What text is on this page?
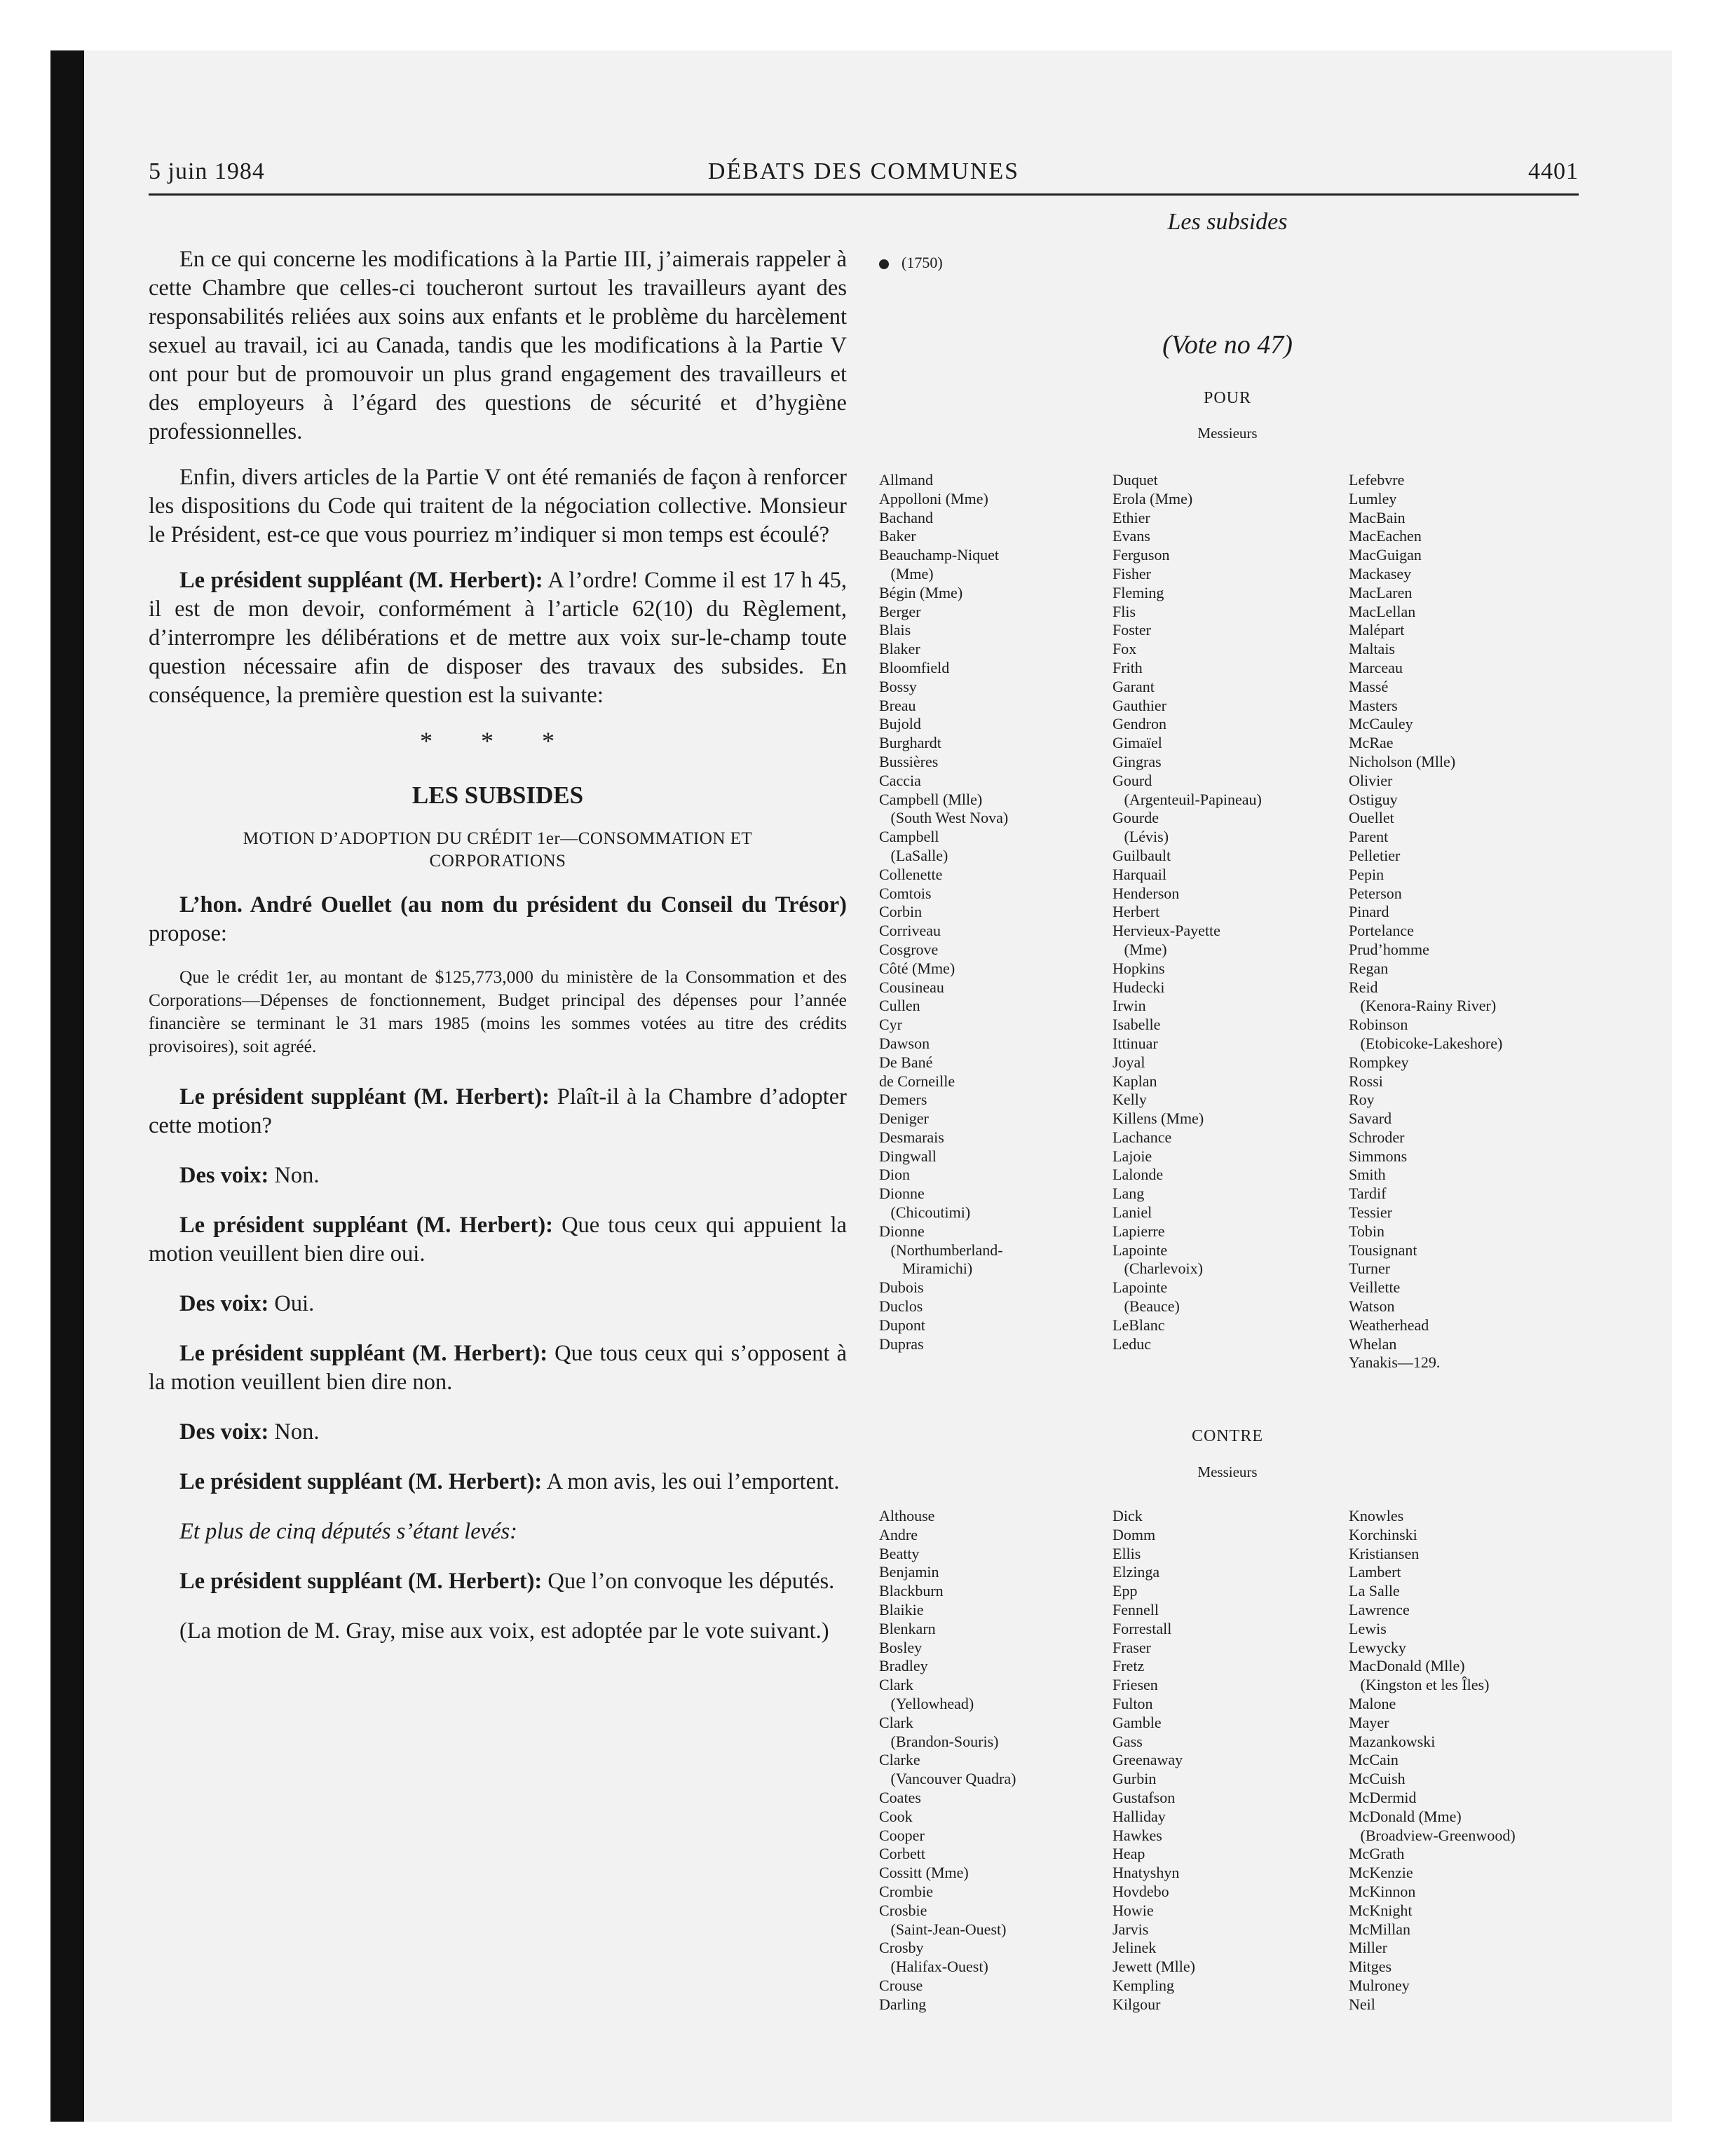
5 juin 1984	DÉBATS DES COMMUNES	4401
Les subsides
(1750)

En ce qui concerne les modifications à la Partie III, j’aimerais rappeler à cette Chambre que celles-ci toucheront surtout les travailleurs ayant des responsabilités reliées aux soins aux enfants et le problème du harcèlement sexuel au travail, ici au Canada, tandis que les modifications à la Partie V ont pour but de promouvoir un plus grand engagement des travailleurs et des employeurs à l’égard des questions de sécurité et d’hygiène professionnelles.

Enfin, divers articles de la Partie V ont été remaniés de façon à renforcer les dispositions du Code qui traitent de la négociation collective. Monsieur le Président, est-ce que vous pourriez m’indiquer si mon temps est écoulé?

Le président suppléant (M. Herbert): A l’ordre! Comme il est 17 h 45, il est de mon devoir, conformément à l’article 62(10) du Règlement, d’interrompre les délibérations et de mettre aux voix sur-le-champ toute question nécessaire afin de disposer des travaux des subsides. En conséquence, la première question est la suivante:

* * *
LES SUBSIDES
MOTION D’ADOPTION DU CRÉDIT 1er—CONSOMMATION ET CORPORATIONS

L’hon. André Ouellet (au nom du président du Conseil du Trésor) propose:

Que le crédit 1er, au montant de $125,773,000 du ministère de la Consommation et des Corporations—Dépenses de fonctionnement, Budget principal des dépenses pour l’année financière se terminant le 31 mars 1985 (moins les sommes votées au titre des crédits provisoires), soit agréé.

Le président suppléant (M. Herbert): Plaît-il à la Chambre d’adopter cette motion?

Des voix: Non.

Le président suppléant (M. Herbert): Que tous ceux qui appuient la motion veuillent bien dire oui.

Des voix: Oui.

Le président suppléant (M. Herbert): Que tous ceux qui s’opposent à la motion veuillent bien dire non.

Des voix: Non.

Le président suppléant (M. Herbert): A mon avis, les oui l’emportent.

Et plus de cinq députés s’étant levés:

Le président suppléant (M. Herbert): Que l’on convoque les députés.

(La motion de M. Gray, mise aux voix, est adoptée par le vote suivant.)

(Vote no 47)
POUR
Messieurs
Allmand
Appolloni (Mme)
Bachand
Baker
Beauchamp-Niquet
(Mme)
Bégin (Mme)
Berger
Blais
Blaker
Bloomfield
Bossy
Breau
Bujold
Burghardt
Bussières
Caccia
Campbell (Mlle)
(South West Nova)
Campbell
(LaSalle)
Collenette
Comtois
Corbin
Corriveau
Cosgrove
Côté (Mme)
Cousineau
Cullen
Cyr
Dawson
De Bané
de Corneille
Demers
Deniger
Desmarais
Dingwall
Dion
Dionne
(Chicoutimi)
Dionne
(Northumberland-
Miramichi)
Dubois
Duclos
Dupont
Dupras
Duquet
Erola (Mme)
Ethier
Evans
Ferguson
Fisher
Fleming
Flis
Foster
Fox
Frith
Garant
Gauthier
Gendron
Gimaïel
Gingras
Gourd
(Argenteuil-Papineau)
Gourde
(Lévis)
Guilbault
Harquail
Henderson
Herbert
Hervieux-Payette
(Mme)
Hopkins
Hudecki
Irwin
Isabelle
Ittinuar
Joyal
Kaplan
Kelly
Killens (Mme)
Lachance
Lajoie
Lalonde
Lang
Laniel
Lapierre
Lapointe
(Charlevoix)
Lapointe
(Beauce)
LeBlanc
Leduc
Lefebvre
Lumley
MacBain
MacEachen
MacGuigan
Mackasey
MacLaren
MacLellan
Malépart
Maltais
Marceau
Massé
Masters
McCauley
McRae
Nicholson (Mlle)
Olivier
Ostiguy
Ouellet
Parent
Pelletier
Pepin
Peterson
Pinard
Portelance
Prud’homme
Regan
Reid
(Kenora-Rainy River)
Robinson
(Etobicoke-Lakeshore)
Rompkey
Rossi
Roy
Savard
Schroder
Simmons
Smith
Tardif
Tessier
Tobin
Tousignant
Turner
Veillette
Watson
Weatherhead
Whelan
Yanakis—129.
CONTRE
Messieurs
Althouse
Andre
Beatty
Benjamin
Blackburn
Blaikie
Blenkarn
Bosley
Bradley
Clark
(Yellowhead)
Clark
(Brandon-Souris)
Clarke
(Vancouver Quadra)
Coates
Cook
Cooper
Corbett
Cossitt (Mme)
Crombie
Crosbie
(Saint-Jean-Ouest)
Crosby
(Halifax-Ouest)
Crouse
Darling
Dick
Domm
Ellis
Elzinga
Epp
Fennell
Forrestall
Fraser
Fretz
Friesen
Fulton
Gamble
Gass
Greenaway
Gurbin
Gustafson
Halliday
Hawkes
Heap
Hnatyshyn
Hovdebo
Howie
Jarvis
Jelinek
Jewett (Mlle)
Kempling
Kilgour
Knowles
Korchinski
Kristiansen
Lambert
La Salle
Lawrence
Lewis
Lewycky
MacDonald (Mlle)
(Kingston et les Îles)
Malone
Mayer
Mazankowski
McCain
McCuish
McDermid
McDonald (Mme)
(Broadview-Greenwood)
McGrath
McKenzie
McKinnon
McKnight
McMillan
Miller
Mitges
Mulroney
Neil
